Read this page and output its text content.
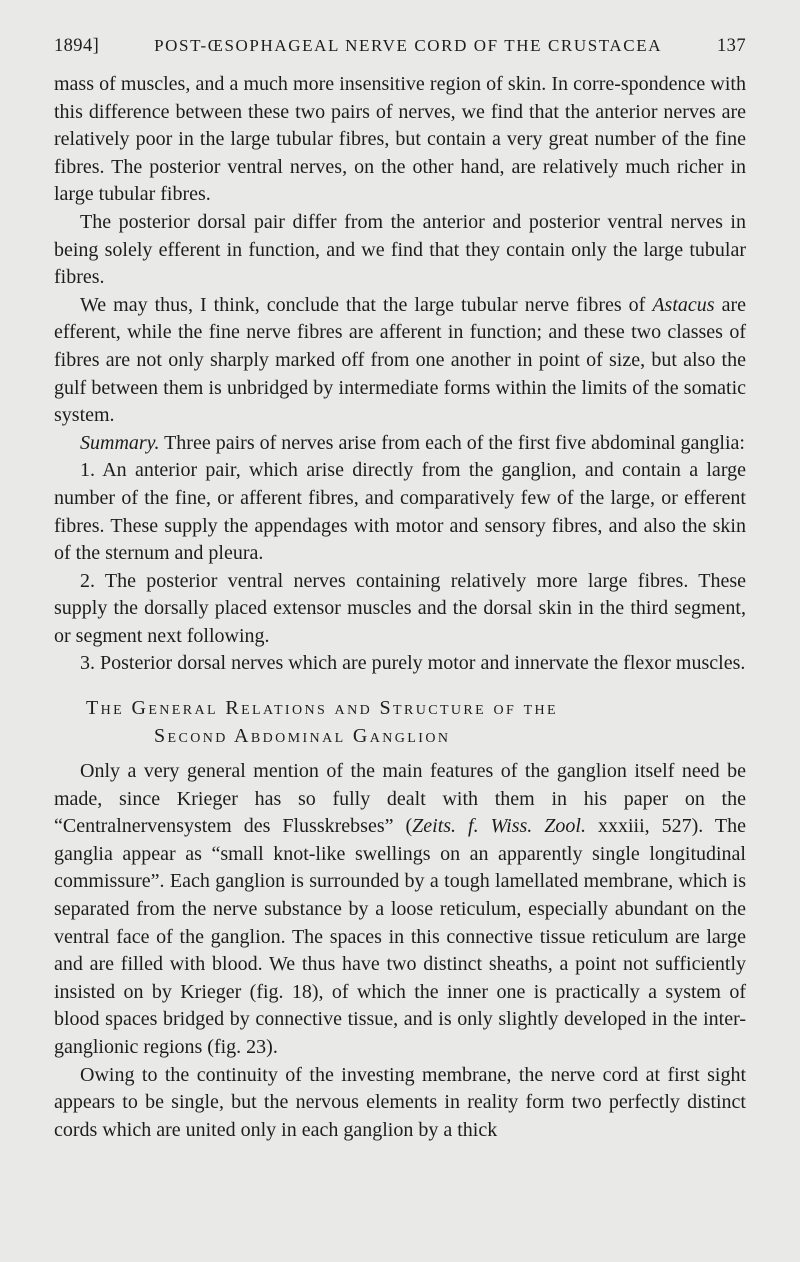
1894]	POST-ŒSOPHAGEAL NERVE CORD OF THE CRUSTACEA	137

mass of muscles, and a much more insensitive region of skin. In corre-spondence with this difference between these two pairs of nerves, we find that the anterior nerves are relatively poor in the large tubular fibres, but contain a very great number of the fine fibres. The posterior ventral nerves, on the other hand, are relatively much richer in large tubular fibres.

The posterior dorsal pair differ from the anterior and posterior ventral nerves in being solely efferent in function, and we find that they contain only the large tubular fibres.

We may thus, I think, conclude that the large tubular nerve fibres of Astacus are efferent, while the fine nerve fibres are afferent in function; and these two classes of fibres are not only sharply marked off from one another in point of size, but also the gulf between them is unbridged by intermediate forms within the limits of the somatic system.

Summary. Three pairs of nerves arise from each of the first five abdominal ganglia:

1. An anterior pair, which arise directly from the ganglion, and contain a large number of the fine, or afferent fibres, and comparatively few of the large, or efferent fibres. These supply the appendages with motor and sensory fibres, and also the skin of the sternum and pleura.

2. The posterior ventral nerves containing relatively more large fibres. These supply the dorsally placed extensor muscles and the dorsal skin in the third segment, or segment next following.

3. Posterior dorsal nerves which are purely motor and innervate the flexor muscles.

The General Relations and Structure of the
Second Abdominal Ganglion

Only a very general mention of the main features of the ganglion itself need be made, since Krieger has so fully dealt with them in his paper on the “Centralnervensystem des Flusskrebses” (Zeits. f. Wiss. Zool. xxxiii, 527). The ganglia appear as “small knot-like swellings on an apparently single longitudinal commissure”. Each ganglion is surrounded by a tough lamellated membrane, which is separated from the nerve substance by a loose reticulum, especially abundant on the ventral face of the ganglion. The spaces in this connective tissue reticulum are large and are filled with blood. We thus have two distinct sheaths, a point not sufficiently insisted on by Krieger (fig. 18), of which the inner one is practically a system of blood spaces bridged by connective tissue, and is only slightly developed in the inter-ganglionic regions (fig. 23).

Owing to the continuity of the investing membrane, the nerve cord at first sight appears to be single, but the nervous elements in reality form two perfectly distinct cords which are united only in each ganglion by a thick
